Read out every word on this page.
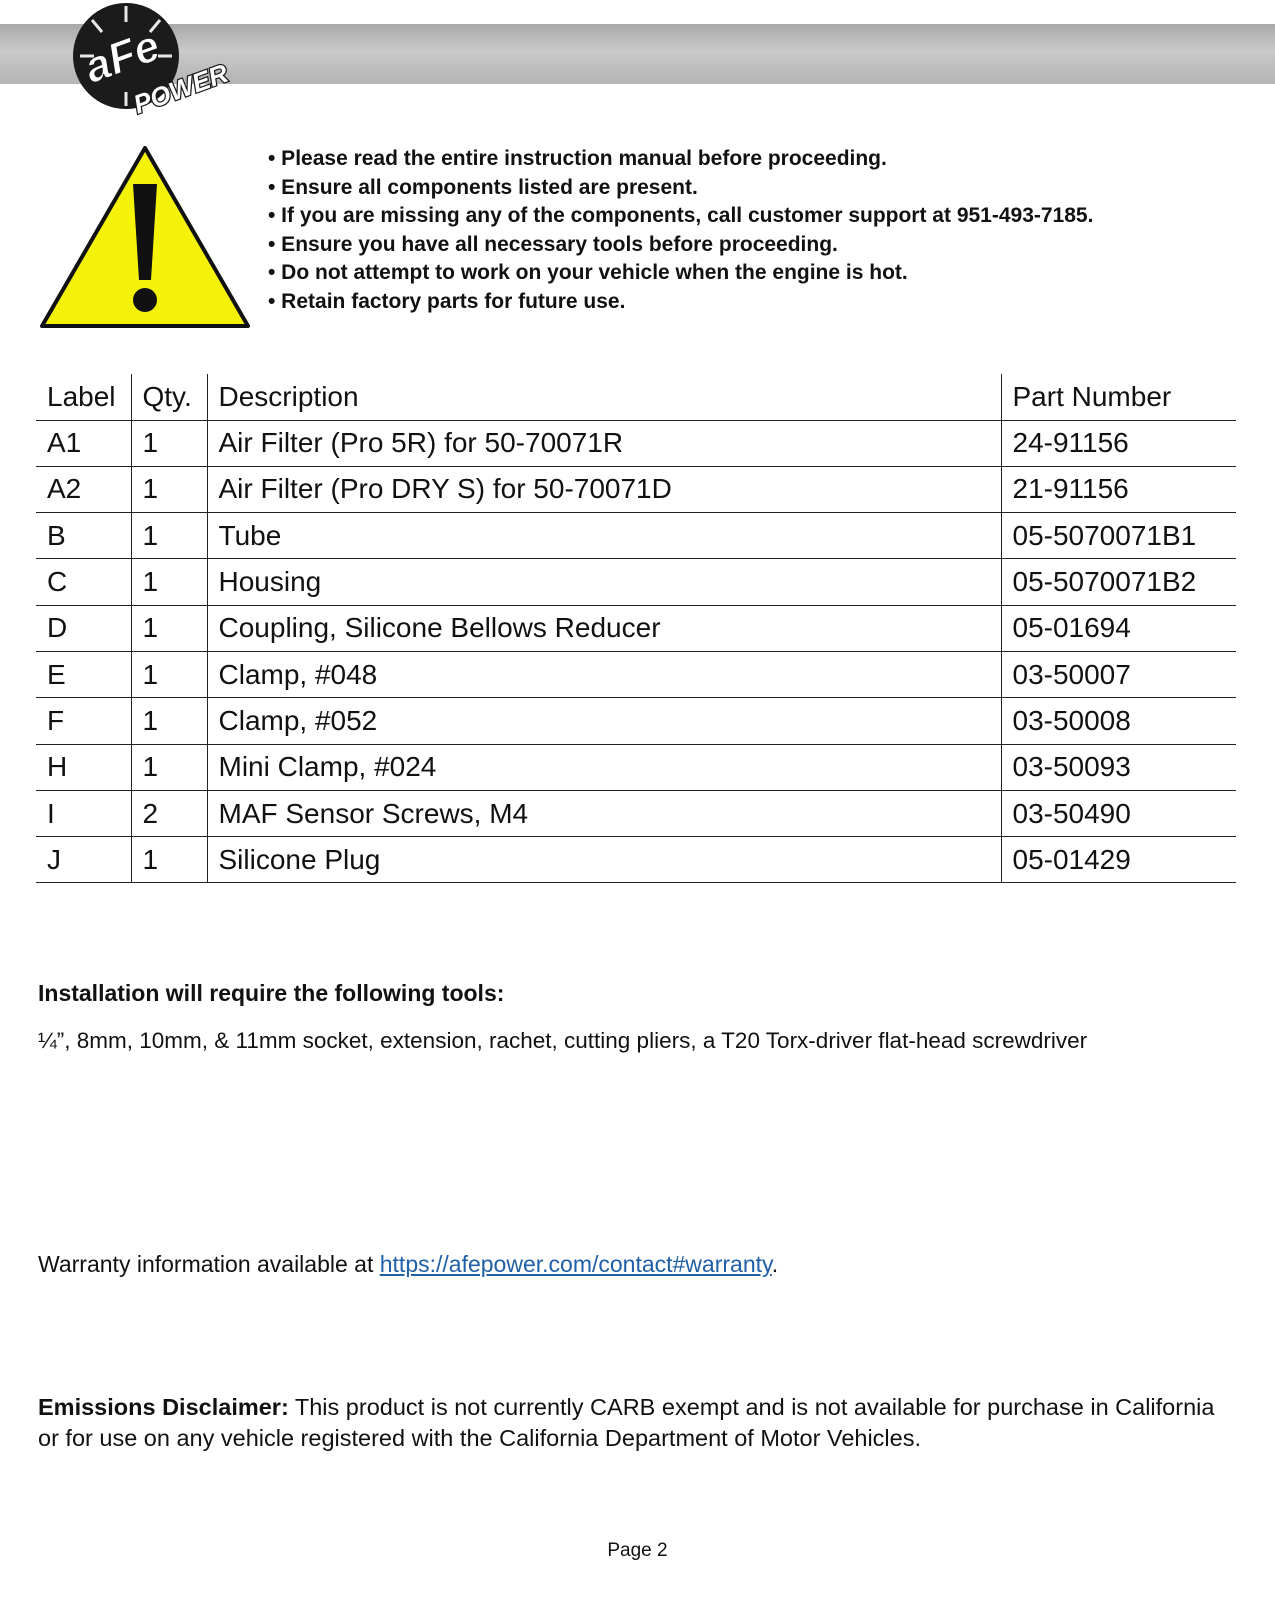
aFe
POWER
• Please read the entire instruction manual before proceeding.
• Ensure all components listed are present.
• If you are missing any of the components, call customer support at 951-493-7185.
• Ensure you have all necessary tools before proceeding.
• Do not attempt to work on your vehicle when the engine is hot.
• Retain factory parts for future use.
Label	Qty.	Description	Part Number
A1	1	Air Filter (Pro 5R) for 50-70071R	24-91156
A2	1	Air Filter (Pro DRY S) for 50-70071D	21-91156
B	1	Tube	05-5070071B1
C	1	Housing	05-5070071B2
D	1	Coupling, Silicone Bellows Reducer	05-01694
E	1	Clamp, #048	03-50007
F	1	Clamp, #052	03-50008
H	1	Mini Clamp, #024	03-50093
I	2	MAF Sensor Screws, M4	03-50490
J	1	Silicone Plug	05-01429
Installation will require the following tools:
¼”, 8mm, 10mm, & 11mm socket, extension, rachet, cutting pliers, a T20 Torx-driver flat-head screwdriver
Warranty information available at https://afepower.com/contact#warranty.
Emissions Disclaimer: This product is not currently CARB exempt and is not available for purchase in California or for use on any vehicle registered with the California Department of Motor Vehicles.
Page 2
